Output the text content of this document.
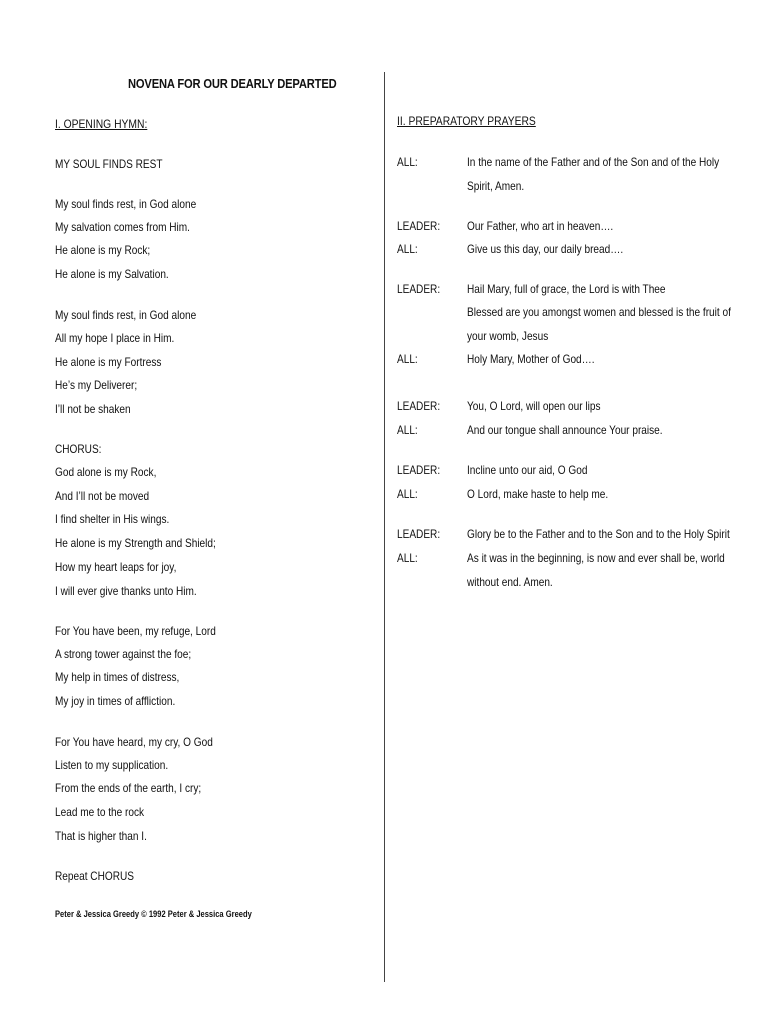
NOVENA FOR OUR DEARLY DEPARTED
I. OPENING HYMN:
MY SOUL FINDS REST
My soul finds rest, in God alone
My salvation comes from Him.
He alone is my Rock;
He alone is my Salvation.
My soul finds rest, in God alone
All my hope I place in Him.
He alone is my Fortress
He’s my Deliverer;
I’ll not be shaken
CHORUS:
God alone is my Rock,
And I’ll not be moved
I find shelter in His wings.
He alone is my Strength and Shield;
How my heart leaps for joy,
I will ever give thanks unto Him.
For You have been, my refuge, Lord
A strong tower against the foe;
My help in times of distress,
My joy in times of affliction.
For You have heard, my cry, O God
Listen to my supplication.
From the ends of the earth, I cry;
Lead me to the rock
That is higher than I.
Repeat CHORUS
Peter & Jessica Greedy © 1992 Peter & Jessica Greedy
II. PREPARATORY PRAYERS
ALL:	In the name of the Father and of the Son and of the Holy
Spirit, Amen.
LEADER: Our Father, who art in heaven….
ALL:	Give us this day, our daily bread….
LEADER: Hail Mary, full of grace, the Lord is with Thee
Blessed are you amongst women and blessed is the fruit of
your womb, Jesus
ALL:	Holy Mary, Mother of God….
LEADER: You, O Lord, will open our lips
ALL:	And our tongue shall announce Your praise.
LEADER: Incline unto our aid, O God
ALL:	O Lord, make haste to help me.
LEADER: Glory be to the Father and to the Son and to the Holy Spirit
ALL:	As it was in the beginning, is now and ever shall be, world
without end. Amen.
